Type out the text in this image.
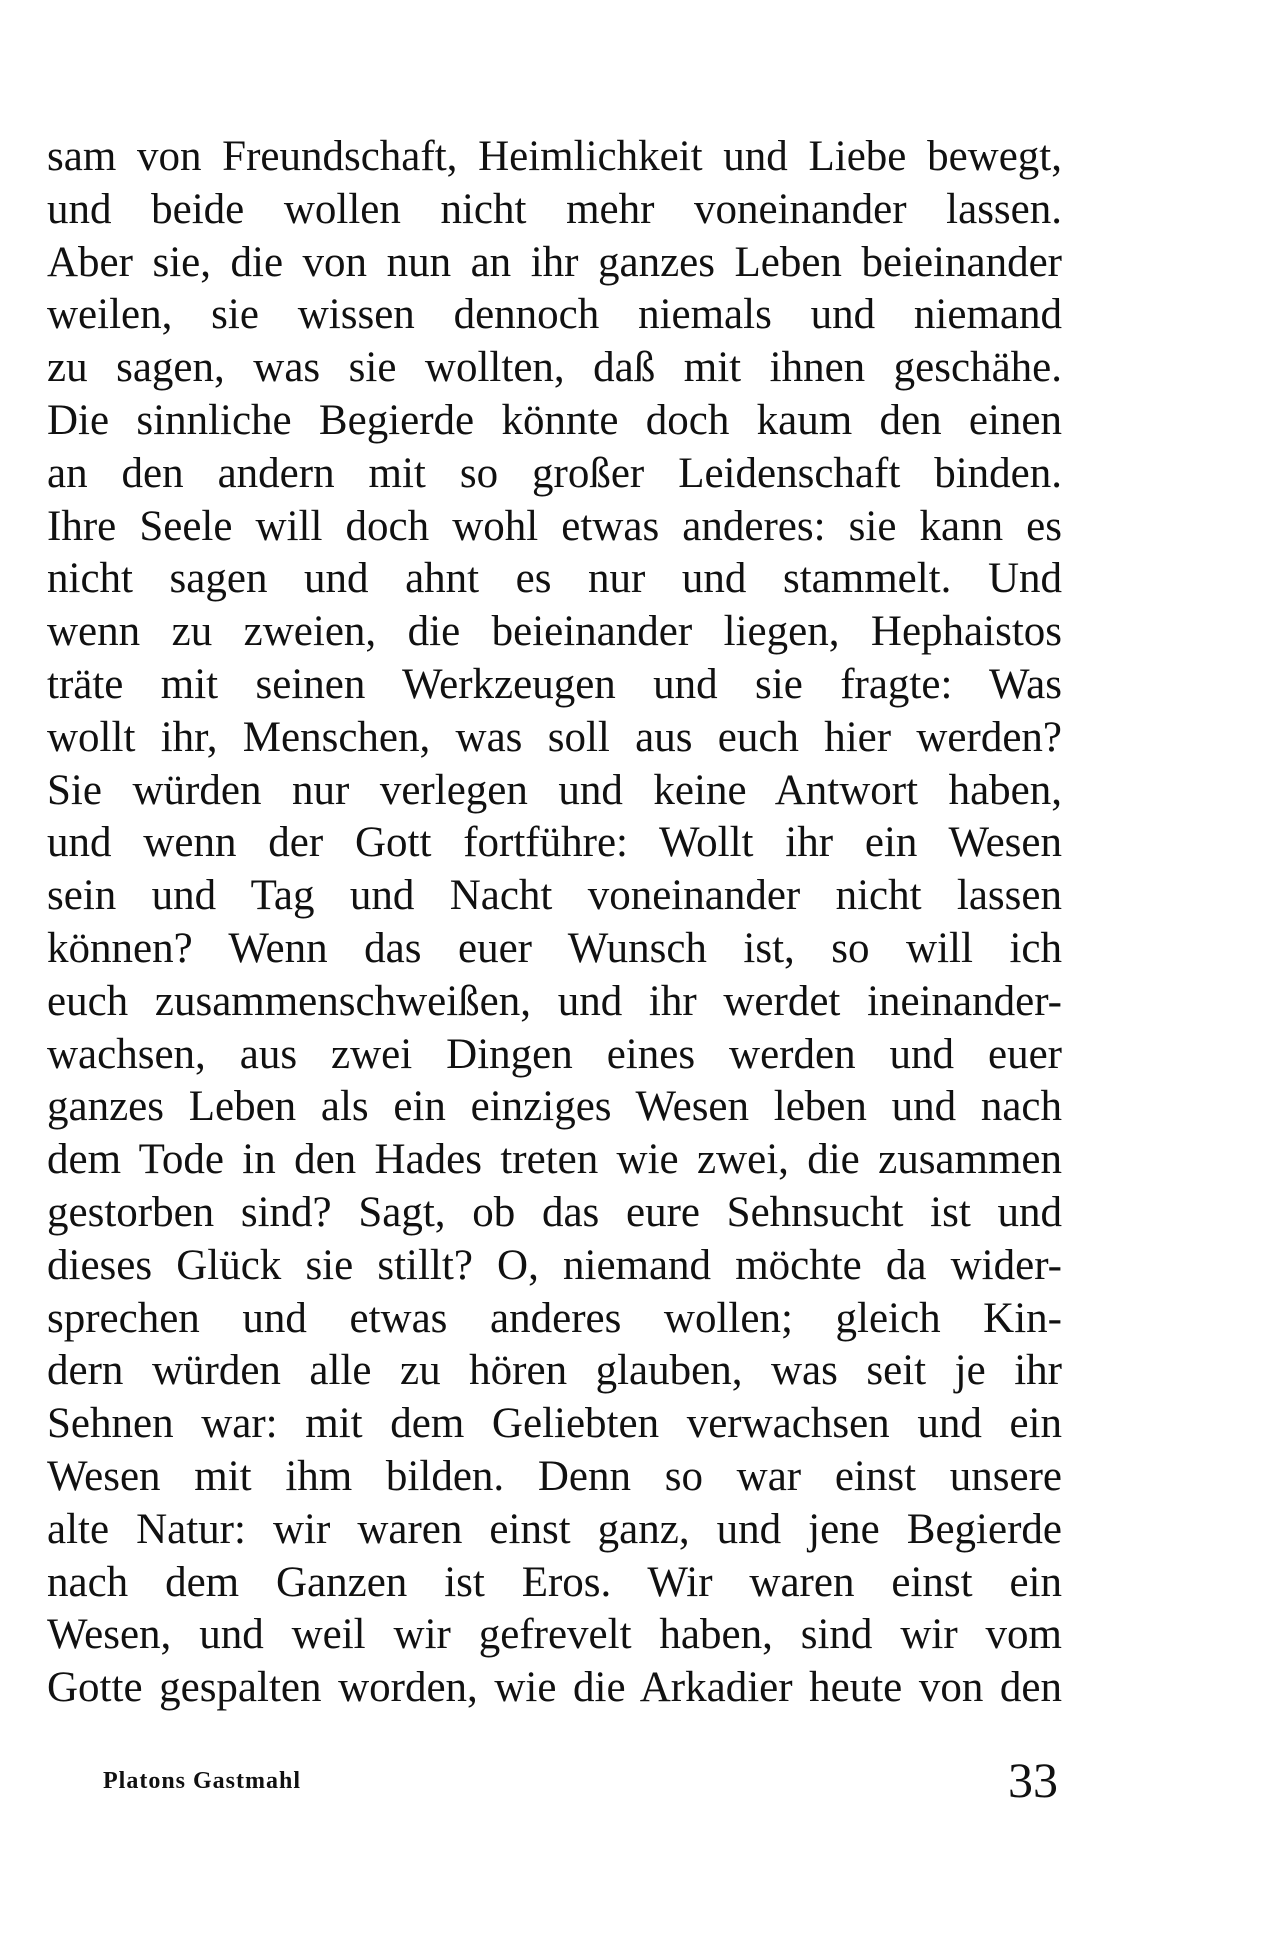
sam von Freundschaft, Heimlichkeit und Liebe bewegt,
und beide wollen nicht mehr voneinander lassen.
Aber sie, die von nun an ihr ganzes Leben beieinander
weilen, sie wissen dennoch niemals und niemand
zu sagen, was sie wollten, daß mit ihnen geschähe.
Die sinnliche Begierde könnte doch kaum den einen
an den andern mit so großer Leidenschaft binden.
Ihre Seele will doch wohl etwas anderes: sie kann es
nicht sagen und ahnt es nur und stammelt. Und
wenn zu zweien, die beieinander liegen, Hephaistos
träte mit seinen Werkzeugen und sie fragte: Was
wollt ihr, Menschen, was soll aus euch hier werden?
Sie würden nur verlegen und keine Antwort haben,
und wenn der Gott fortführe: Wollt ihr ein Wesen
sein und Tag und Nacht voneinander nicht lassen
können? Wenn das euer Wunsch ist, so will ich
euch zusammenschweißen, und ihr werdet ineinander-
wachsen, aus zwei Dingen eines werden und euer
ganzes Leben als ein einziges Wesen leben und nach
dem Tode in den Hades treten wie zwei, die zusammen
gestorben sind? Sagt, ob das eure Sehnsucht ist und
dieses Glück sie stillt? O, niemand möchte da wider-
sprechen und etwas anderes wollen; gleich Kin-
dern würden alle zu hören glauben, was seit je ihr
Sehnen war: mit dem Geliebten verwachsen und ein
Wesen mit ihm bilden. Denn so war einst unsere
alte Natur: wir waren einst ganz, und jene Begierde
nach dem Ganzen ist Eros. Wir waren einst ein
Wesen, und weil wir gefrevelt haben, sind wir vom
Gotte gespalten worden, wie die Arkadier heute von den
Platons Gastmahl	33
